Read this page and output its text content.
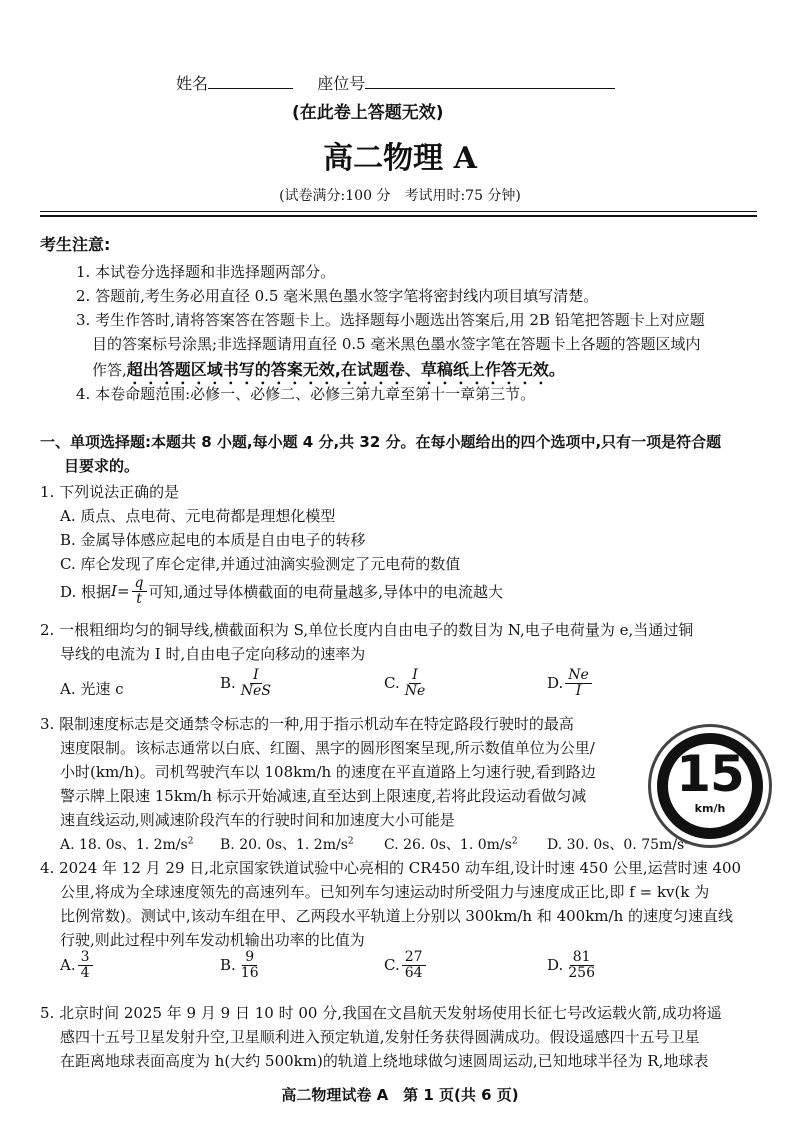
姓名	座位号
(在此卷上答题无效)
高二物理 A
(试卷满分:100 分　考试用时:75 分钟)
考生注意:
1. 本试卷分选择题和非选择题两部分。
2. 答题前,考生务必用直径 0.5 毫米黑色墨水签字笔将密封线内项目填写清楚。
3. 考生作答时,请将答案答在答题卡上。选择题每小题选出答案后,用 2B 铅笔把答题卡上对应题
目的答案标号涂黑;非选择题请用直径 0.5 毫米黑色墨水签字笔在答题卡上各题的答题区域内
作答,超出答题区域书写的答案无效,在试题卷、草稿纸上作答无效。
4. 本卷命题范围:必修一、必修二、必修三第九章至第十一章第三节。
一、单项选择题:本题共 8 小题,每小题 4 分,共 32 分。在每小题给出的四个选项中,只有一项是符合题
目要求的。
1. 下列说法正确的是
A. 质点、点电荷、元电荷都是理想化模型
B. 金属导体感应起电的本质是自由电子的转移
C. 库仑发现了库仑定律,并通过油滴实验测定了元电荷的数值
D. 根据 $I = \frac{q}{t}$ 可知,通过导体横截面的电荷量越多,导体中的电流越大
2. 一根粗细均匀的铜导线,横截面积为 S,单位长度内自由电子的数目为 N,电子电荷量为 e,当通过铜
导线的电流为 I 时,自由电子定向移动的速率为
A. 光速 c	B. $\frac{I}{\text{NeS}}$	C. $\frac{I}{Ne}$	D. $\frac{Ne}{I}$
3. 限制速度标志是交通禁令标志的一种,用于指示机动车在特定路段行驶时的最高
速度限制。该标志通常以白底、红圈、黑字的圆形图案呈现,所示数值单位为公里/
小时(km/h)。司机驾驶汽车以 108km/h 的速度在平直道路上匀速行驶,看到路边
警示牌上限速 15km/h 标示开始减速,直至达到上限速度,若将此段运动看做匀减
速直线运动,则减速阶段汽车的行驶时间和加速度大小可能是
A. 18. 0s、1. $2m/s^2$ B. 20. 0s、1. $2m/s^2$ C. 26. 0s、1. $0m/s^2$ D. 30. 0s、0. 75m/s
15
km/h
4. 2024 年 12 月 29 日,北京国家铁道试验中心亮相的 CR450 动车组,设计时速 450 公里,运营时速 400
公里,将成为全球速度领先的高速列车。已知列车匀速运动时所受阻力与速度成正比,即 f = kv(k 为
比例常数)。测试中,该动车组在甲、乙两段水平轨道上分别以 300km/h 和 400km/h 的速度匀速直线
行驶,则此过程中列车发动机输出功率的比值为
A. $\frac{3}{4}$	B. $\frac{9}{16}$	C. $\frac{27}{64}$	D. $\frac{81}{256}$
5. 北京时间 2025 年 9 月 9 日 10 时 00 分,我国在文昌航天发射场使用长征七号改运载火箭,成功将遥
感四十五号卫星发射升空,卫星顺利进入预定轨道,发射任务获得圆满成功。假设遥感四十五号卫星
在距离地球表面高度为 h(大约 500km)的轨道上绕地球做匀速圆周运动,已知地球半径为 R,地球表
高二物理试卷 A　第 1 页(共 6 页)
